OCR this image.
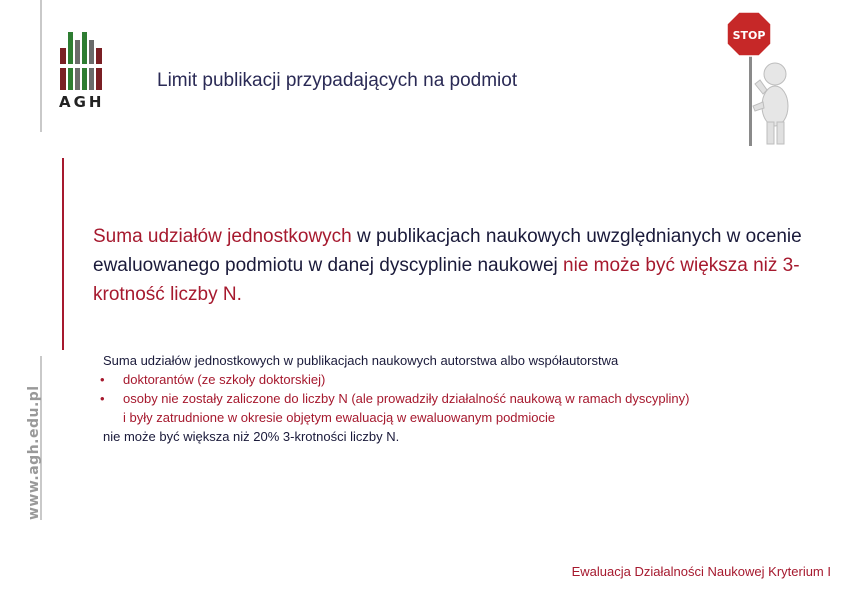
AGH
www.agh.edu.pl
Limit publikacji przypadających na podmiot
STOP
Suma udziałów jednostkowych w publikacjach naukowych uwzględnianych w ocenie ewaluowanego podmiotu w danej dyscyplinie naukowej nie może być większa niż 3-krotność liczby N.
Suma udziałów jednostkowych w publikacjach naukowych autorstwa albo współautorstwa
• doktorantów (ze szkoły doktorskiej)
• osoby nie zostały zaliczone do liczby N (ale prowadziły działalność naukową w ramach dyscypliny)
i były zatrudnione w okresie objętym ewaluacją w ewaluowanym podmiocie
nie może być większa niż 20% 3-krotności liczby N.
Ewaluacja Działalności Naukowej Kryterium I
